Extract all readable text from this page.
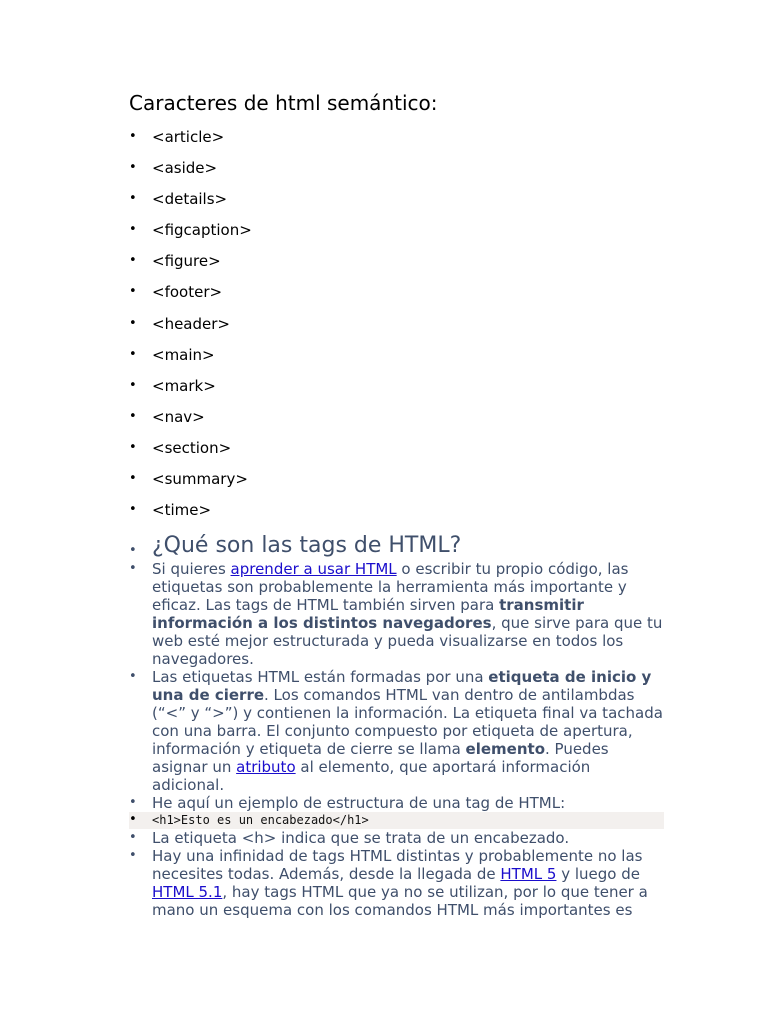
Caracteres de html semántico:
• <article>
• <aside>
• <details>
• <figcaption>
• <figure>
• <footer>
• <header>
• <main>
• <mark>
• <nav>
• <section>
• <summary>
• <time>
• ¿Qué son las tags de HTML?
• Si quieres aprender a usar HTML o escribir tu propio código, las etiquetas son probablemente la herramienta más importante y eficaz. Las tags de HTML también sirven para transmitir información a los distintos navegadores, que sirve para que tu web esté mejor estructurada y pueda visualizarse en todos los navegadores.
• Las etiquetas HTML están formadas por una etiqueta de inicio y una de cierre. Los comandos HTML van dentro de antilambdas (“<” y “>”) y contienen la información. La etiqueta final va tachada con una barra. El conjunto compuesto por etiqueta de apertura, información y etiqueta de cierre se llama elemento. Puedes asignar un atributo al elemento, que aportará información adicional.
• He aquí un ejemplo de estructura de una tag de HTML:
• <h1>Esto es un encabezado</h1>
• La etiqueta <h> indica que se trata de un encabezado.
• Hay una infinidad de tags HTML distintas y probablemente no las necesites todas. Además, desde la llegada de HTML 5 y luego de HTML 5.1, hay tags HTML que ya no se utilizan, por lo que tener a mano un esquema con los comandos HTML más importantes es
